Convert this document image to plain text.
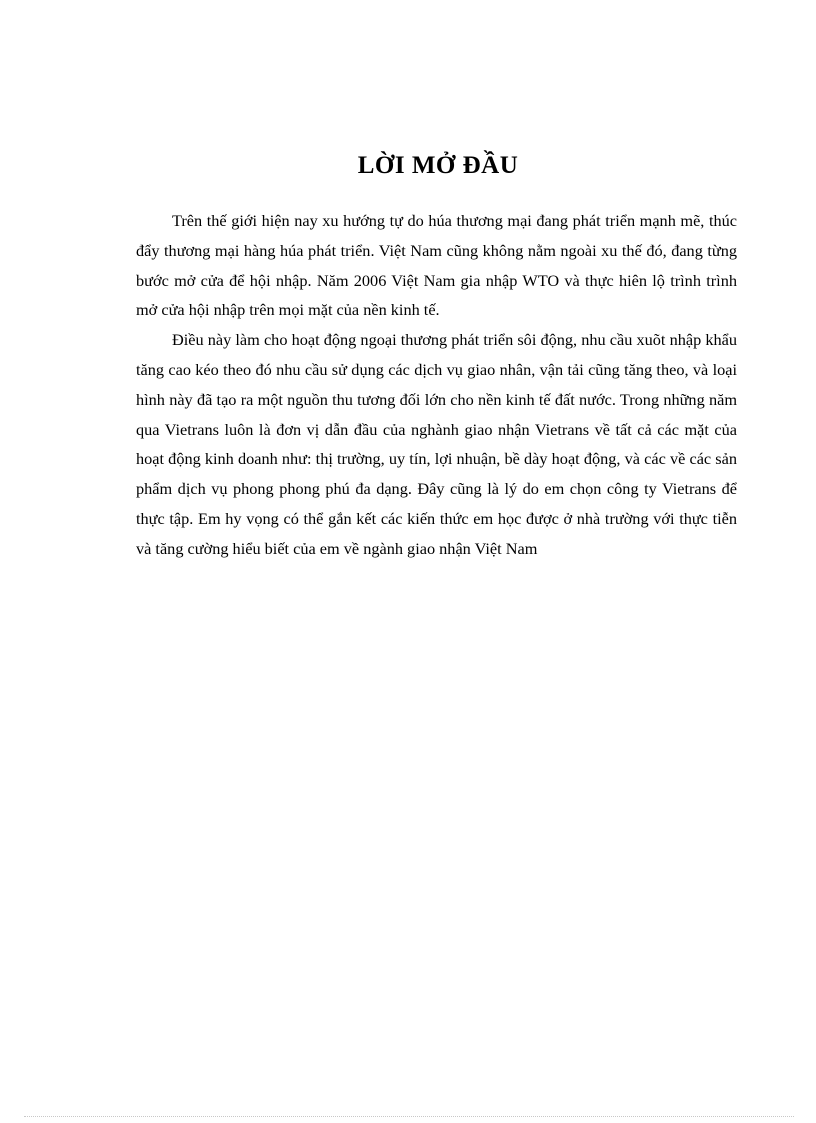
LỜI MỞ ĐẦU

Trên thế giới hiện nay xu hướng tự do húa thương mại đang phát triển mạnh mẽ, thúc đẩy thương mại hàng húa phát triển. Việt Nam cũng không nằm ngoài xu thế đó, đang từng bước mở cửa để hội nhập. Năm 2006 Việt Nam gia nhập WTO và thực hiên lộ trình trình mở cửa hội nhập trên mọi mặt của nền kinh tế.

Điều này làm cho hoạt động ngoại thương phát triển sôi động, nhu cầu xuõt nhập khẩu tăng cao kéo theo đó nhu cầu sử dụng các dịch vụ giao nhân, vận tải cũng tăng theo, và loại hình này đã tạo ra một nguồn thu tương đối lớn cho nền kinh tế đất nước. Trong những năm qua Vietrans luôn là đơn vị dẫn đầu của nghành giao nhận Vietrans về tất cả các mặt của hoạt động kinh doanh như: thị trường, uy tín, lợi nhuận, bề dày hoạt động, và các về các sản phẩm dịch vụ phong phong phú đa dạng. Đây cũng là lý do em chọn công ty Vietrans để thực tập. Em hy vọng có thể gắn kết các kiến thức em học được ở nhà trường với thực tiễn và tăng cường hiểu biết của em về ngành giao nhận Việt Nam
